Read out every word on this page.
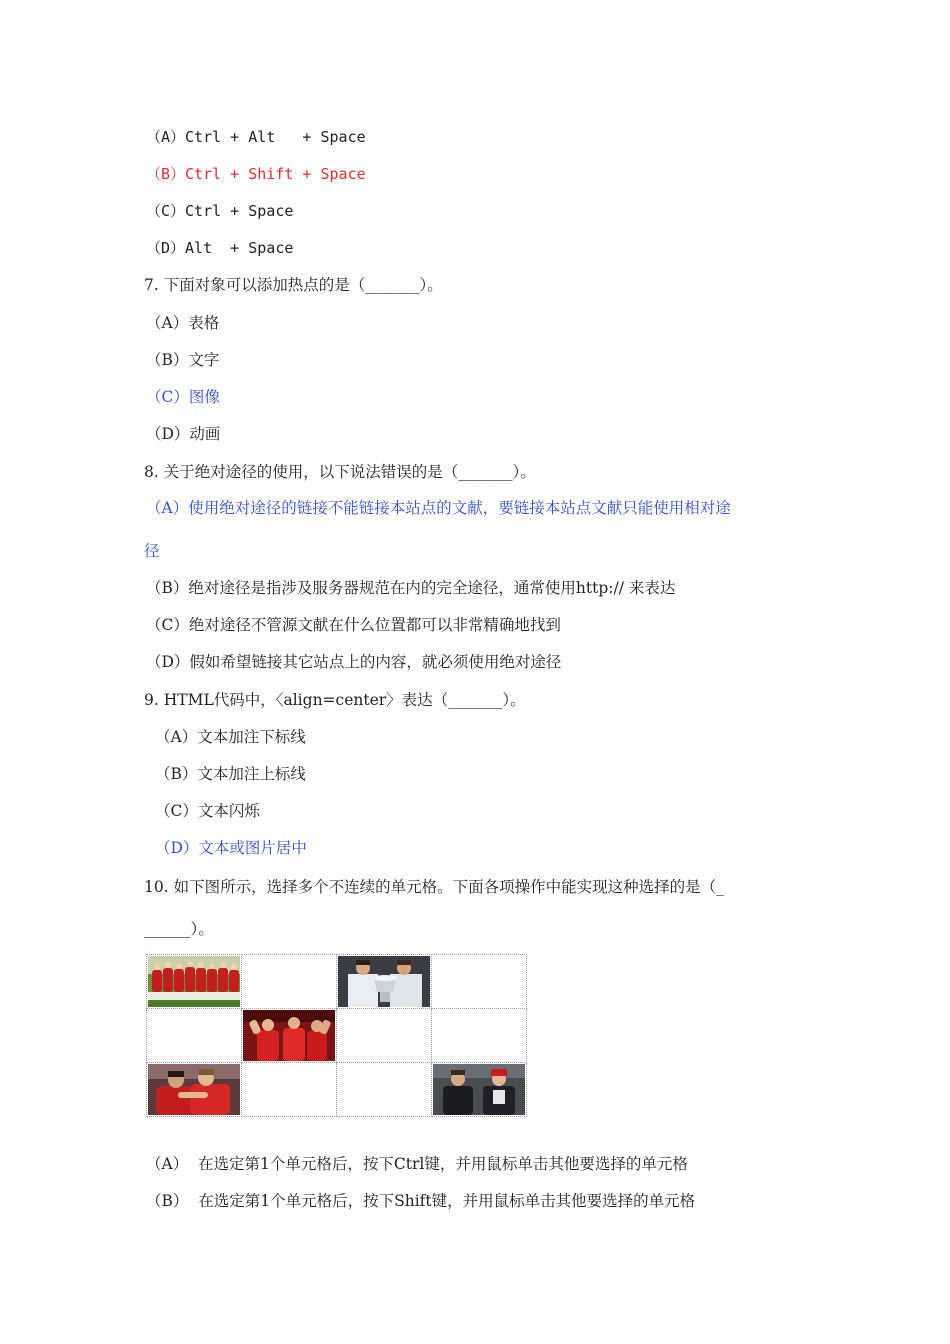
（A）Ctrl + Alt   + Space
（B）Ctrl + Shift + Space
（C）Ctrl + Space
（D）Alt  + Space
7. 下面对象可以添加热点的是（_______）。
（A）表格
（B）文字
（C）图像
（D）动画
8. 关于绝对途径的使用，以下说法错误的是（_______）。
（A）使用绝对途径的链接不能链接本站点的文献，要链接本站点文献只能使用相对途
径
（B）绝对途径是指涉及服务器规范在内的完全途径，通常使用http:// 来表达
（C）绝对途径不管源文献在什么位置都可以非常精确地找到
（D）假如希望链接其它站点上的内容，就必须使用绝对途径
9. HTML代码中，〈align=center〉表达（_______）。
（A）文本加注下标线
（B）文本加注上标线
（C）文本闪烁
（D）文本或图片居中
10. 如下图所示，选择多个不连续的单元格。下面各项操作中能实现这种选择的是（_
______）。

（A）  在选定第1个单元格后，按下Ctrl键，并用鼠标单击其他要选择的单元格
（B）  在选定第1个单元格后，按下Shift键，并用鼠标单击其他要选择的单元格
